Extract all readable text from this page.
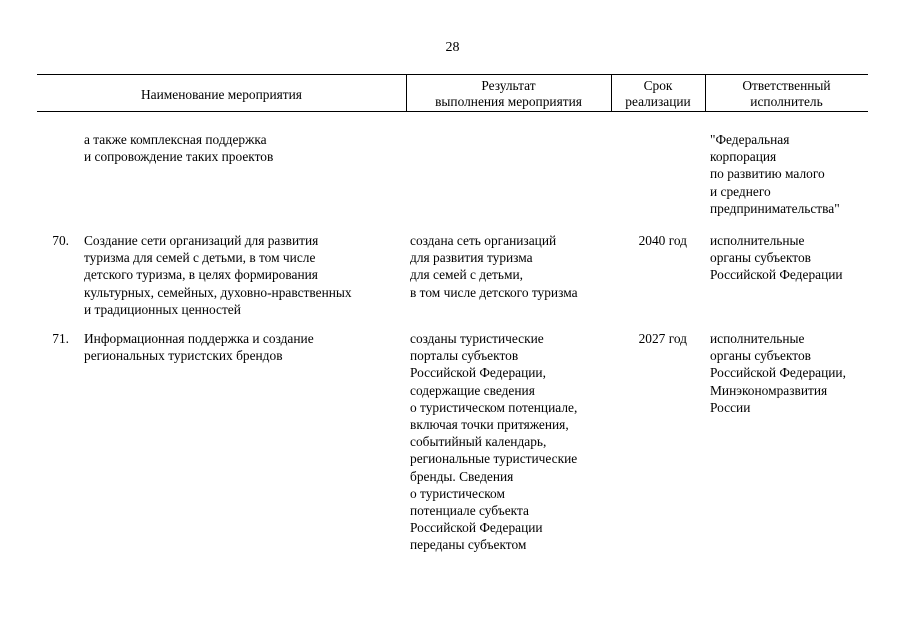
28
Наименование мероприятия
Результат
выполнения мероприятия
Срок
реализации
Ответственный
исполнитель
а также комплексная поддержка
и сопровождение таких проектов
"Федеральная
корпорация
по развитию малого
и среднего
предпринимательства"
70. Создание сети организаций для развития
туризма для семей с детьми, в том числе
детского туризма, в целях формирования
культурных, семейных, духовно-нравственных
и традиционных ценностей
создана сеть организаций
для развития туризма
для семей с детьми,
в том числе детского туризма
2040 год исполнительные
органы субъектов
Российской Федерации
71. Информационная поддержка и создание
региональных туристских брендов
созданы туристические
порталы субъектов
Российской Федерации,
содержащие сведения
о туристическом потенциале,
включая точки притяжения,
событийный календарь,
региональные туристические
бренды. Сведения
о туристическом
потенциале субъекта
Российской Федерации
переданы субъектом
2027 год исполнительные
органы субъектов
Российской Федерации,
Минэкономразвития
России
